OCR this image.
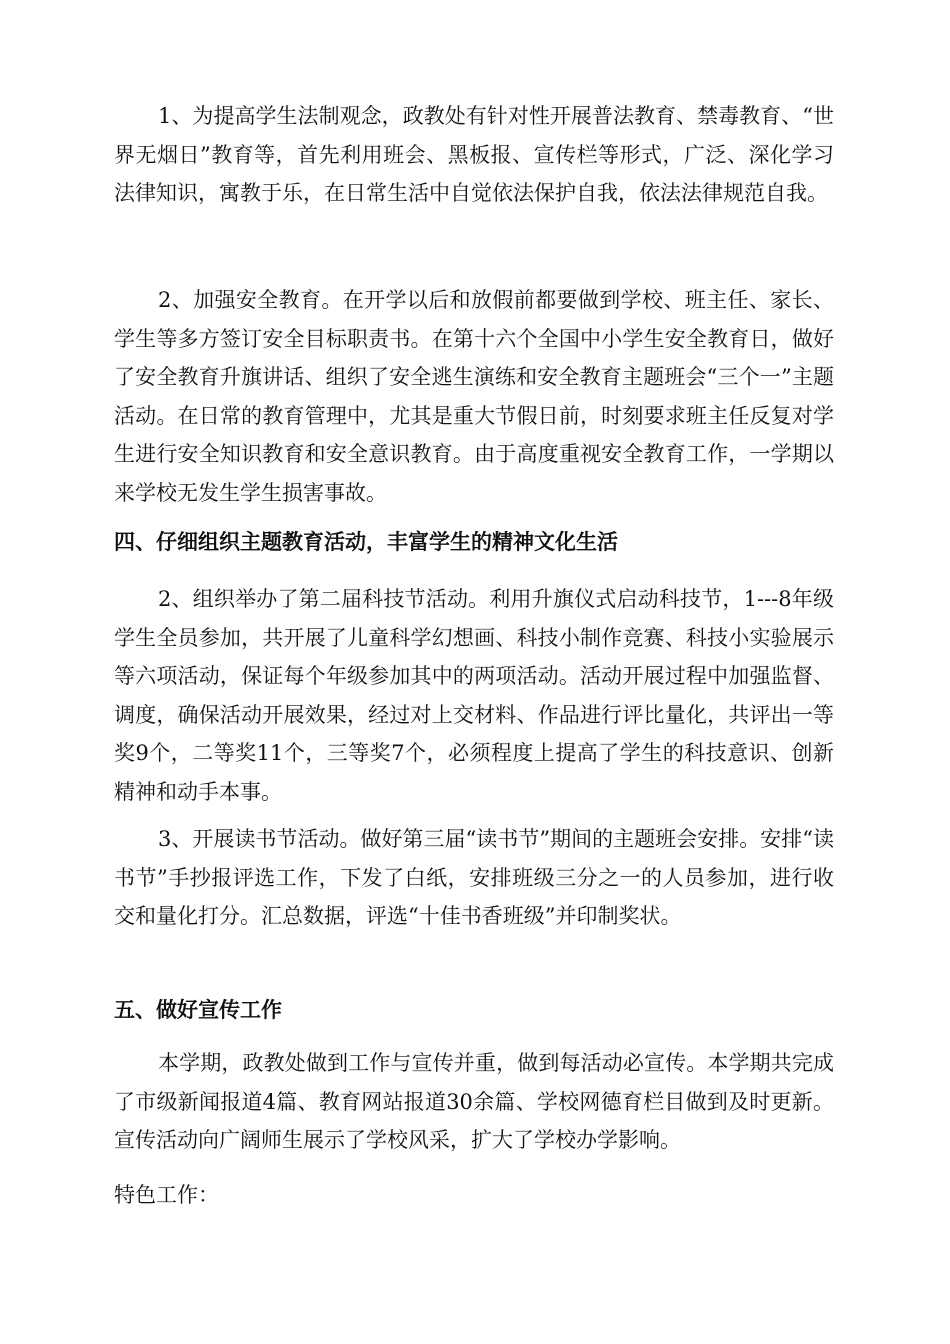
1、为提高学生法制观念，政教处有针对性开展普法教育、禁毒教育、“世界无烟日”教育等，首先利用班会、黑板报、宣传栏等形式，广泛、深化学习法律知识，寓教于乐，在日常生活中自觉依法保护自我，依法法律规范自我。

2、加强安全教育。在开学以后和放假前都要做到学校、班主任、家长、学生等多方签订安全目标职责书。在第十六个全国中小学生安全教育日，做好了安全教育升旗讲话、组织了安全逃生演练和安全教育主题班会“三个一”主题活动。在日常的教育管理中，尤其是重大节假日前，时刻要求班主任反复对学生进行安全知识教育和安全意识教育。由于高度重视安全教育工作，一学期以来学校无发生学生损害事故。

四、仔细组织主题教育活动，丰富学生的精神文化生活

2、组织举办了第二届科技节活动。利用升旗仪式启动科技节，1---8年级学生全员参加，共开展了儿童科学幻想画、科技小制作竞赛、科技小实验展示等六项活动，保证每个年级参加其中的两项活动。活动开展过程中加强监督、调度，确保活动开展效果，经过对上交材料、作品进行评比量化，共评出一等奖9个，二等奖11个，三等奖7个，必须程度上提高了学生的科技意识、创新精神和动手本事。

3、开展读书节活动。做好第三届“读书节”期间的主题班会安排。安排“读书节”手抄报评选工作，下发了白纸，安排班级三分之一的人员参加，进行收交和量化打分。汇总数据，评选“十佳书香班级”并印制奖状。

五、做好宣传工作

本学期，政教处做到工作与宣传并重，做到每活动必宣传。本学期共完成了市级新闻报道4篇、教育网站报道30余篇、学校网德育栏目做到及时更新。宣传活动向广阔师生展示了学校风采，扩大了学校办学影响。

特色工作：
